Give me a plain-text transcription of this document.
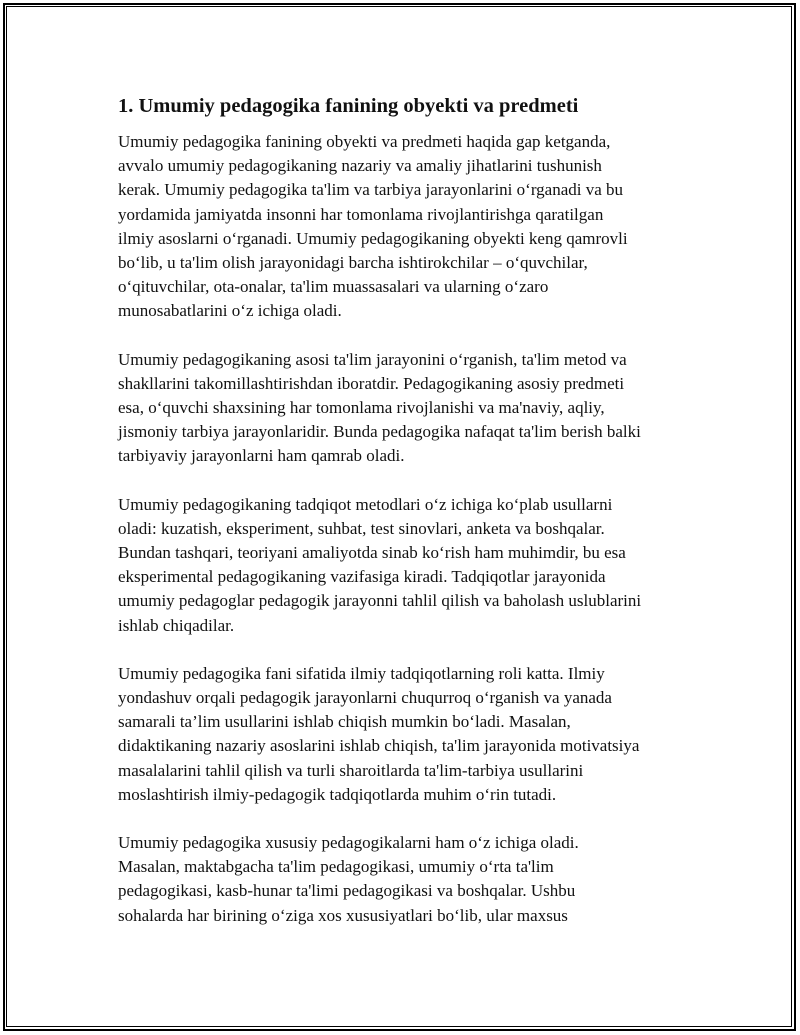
1. Umumiy pedagogika fanining obyekti va predmeti
Umumiy pedagogika fanining obyekti va predmeti haqida gap ketganda,
avvalo umumiy pedagogikaning nazariy va amaliy jihatlarini tushunish
kerak. Umumiy pedagogika ta'lim va tarbiya jarayonlarini o‘rganadi va bu
yordamida jamiyatda insonni har tomonlama rivojlantirishga qaratilgan
ilmiy asoslarni o‘rganadi. Umumiy pedagogikaning obyekti keng qamrovli
bo‘lib, u ta'lim olish jarayonidagi barcha ishtirokchilar – o‘quvchilar,
o‘qituvchilar, ota-onalar, ta'lim muassasalari va ularning o‘zaro
munosabatlarini o‘z ichiga oladi.
Umumiy pedagogikaning asosi ta'lim jarayonini o‘rganish, ta'lim metod va
shakllarini takomillashtirishdan iboratdir. Pedagogikaning asosiy predmeti
esa, o‘quvchi shaxsining har tomonlama rivojlanishi va ma'naviy, aqliy,
jismoniy tarbiya jarayonlaridir. Bunda pedagogika nafaqat ta'lim berish balki
tarbiyaviy jarayonlarni ham qamrab oladi.
Umumiy pedagogikaning tadqiqot metodlari o‘z ichiga ko‘plab usullarni
oladi: kuzatish, eksperiment, suhbat, test sinovlari, anketa va boshqalar.
Bundan tashqari, teoriyani amaliyotda sinab ko‘rish ham muhimdir, bu esa
eksperimental pedagogikaning vazifasiga kiradi. Tadqiqotlar jarayonida
umumiy pedagoglar pedagogik jarayonni tahlil qilish va baholash uslublarini
ishlab chiqadilar.
Umumiy pedagogika fani sifatida ilmiy tadqiqotlarning roli katta. Ilmiy
yondashuv orqali pedagogik jarayonlarni chuqurroq o‘rganish va yanada
samarali ta’lim usullarini ishlab chiqish mumkin bo‘ladi. Masalan,
didaktikaning nazariy asoslarini ishlab chiqish, ta'lim jarayonida motivatsiya
masalalarini tahlil qilish va turli sharoitlarda ta'lim-tarbiya usullarini
moslashtirish ilmiy-pedagogik tadqiqotlarda muhim o‘rin tutadi.
Umumiy pedagogika xususiy pedagogikalarni ham o‘z ichiga oladi.
Masalan, maktabgacha ta'lim pedagogikasi, umumiy o‘rta ta'lim
pedagogikasi, kasb-hunar ta'limi pedagogikasi va boshqalar. Ushbu
sohalarda har birining o‘ziga xos xususiyatlari bo‘lib, ular maxsus
